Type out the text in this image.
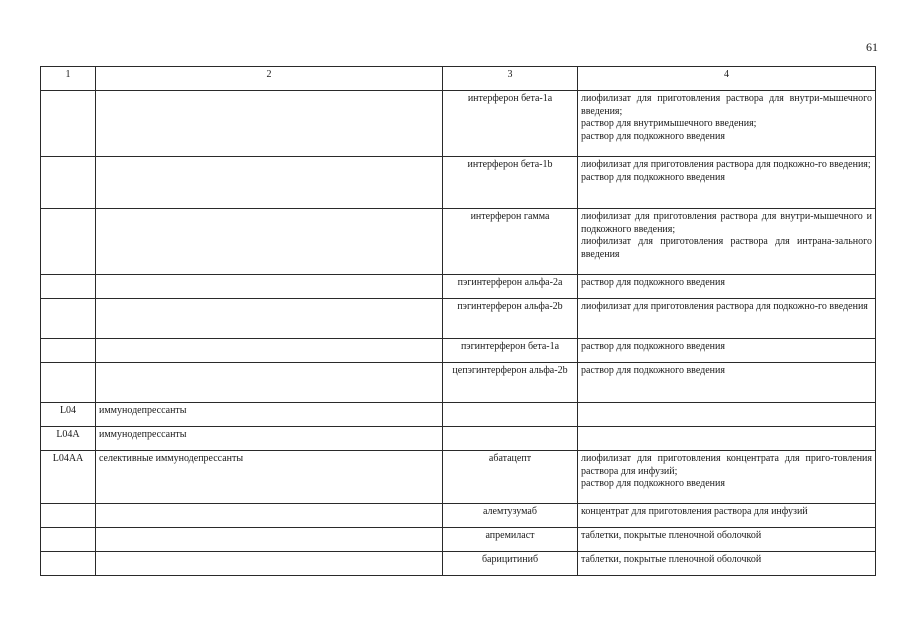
61
1	2	3	4
		интерферон бета-1a	лиофилизат для приготовления раствора для внутри-мышечного введения;
раствор для внутримышечного введения;
раствор для подкожного введения

		интерферон бета-1b	лиофилизат для приготовления раствора для подкожно-го введения;
раствор для подкожного введения

		интерферон гамма	лиофилизат для приготовления раствора для внутри-мышечного и подкожного введения;
лиофилизат для приготовления раствора для интрана-зального введения

		пэгинтерферон альфа-2a	раствор для подкожного введения

		пэгинтерферон альфа-2b	лиофилизат для приготовления раствора для подкожно-го введения

		пэгинтерферон бета-1a	раствор для подкожного введения

		цепэгинтерферон альфа-2b	раствор для подкожного введения

L04	иммунодепрессанты		
L04A	иммунодепрессанты		
L04AA	селективные иммунодепрессанты	абатацепт	лиофилизат для приготовления концентрата для приго-товления раствора для инфузий;
раствор для подкожного введения

		алемтузумаб	концентрат для приготовления раствора для инфузий

		апремиласт	таблетки, покрытые пленочной оболочкой

		барицитиниб	таблетки, покрытые пленочной оболочкой
